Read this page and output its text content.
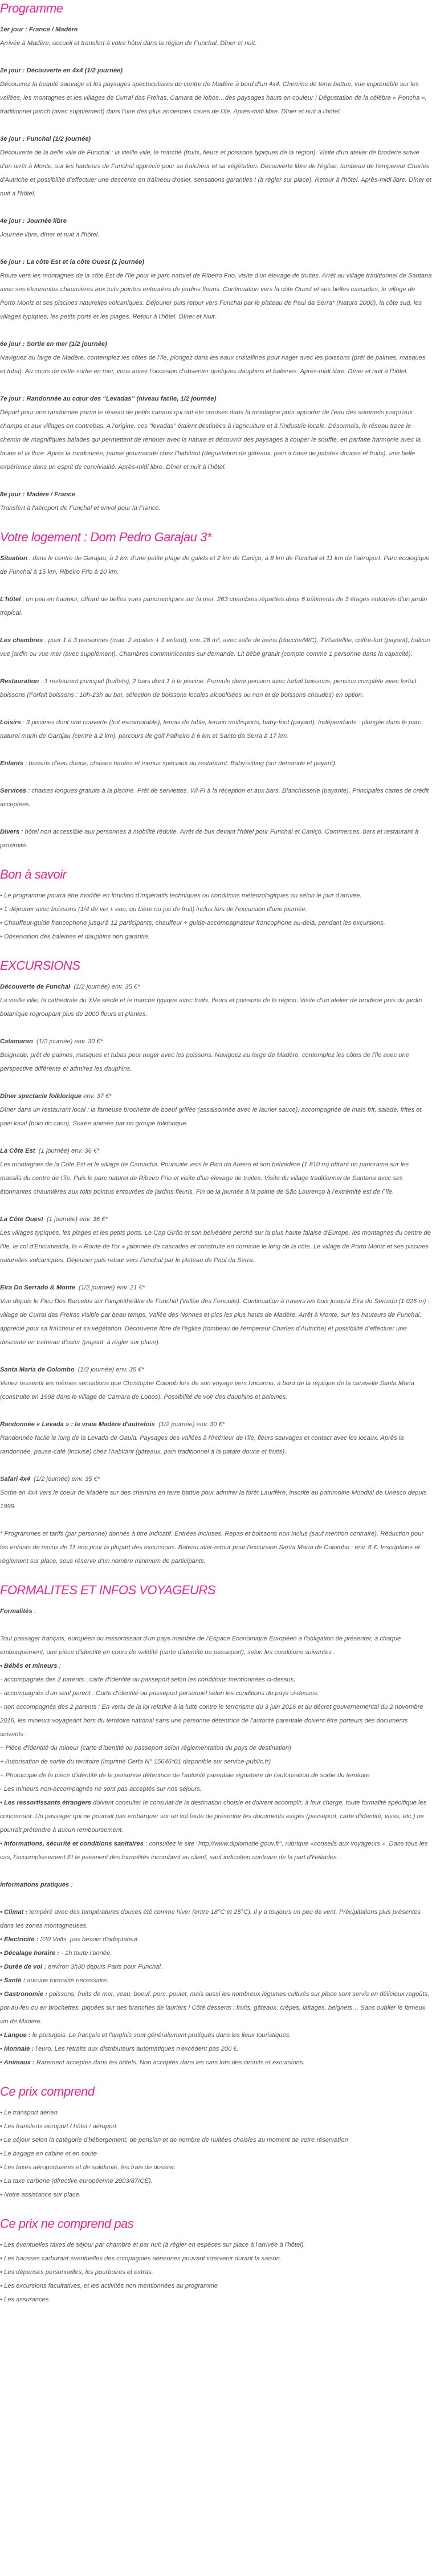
Programme

1er jour : France / Madère

Arrivée à Madère, accueil et transfert à votre hôtel dans la région de Funchal. Dîner et nuit.

2e jour : Découverte en 4x4 (1/2 journée)

Découvrez la beauté sauvage et les paysages spectaculaires du centre de Madère à bord d'un 4x4. Chemins de terre battue, vue imprenable sur les vallées, les montagnes et les villages de Curral das Freiras, Camara de lobos…des paysages hauts en couleur ! Dégustation de la célèbre « Poncha », traditionnel punch (avec supplément) dans l'une des plus anciennes caves de l'île. Après-midi libre. Dîner et nuit à l'hôtel.

3e jour : Funchal (1/2 journée)

Découverte de la belle ville de Funchal : la vieille ville, le marché (fruits, fleurs et poissons typiques de la région). Visite d'un atelier de broderie suivie d'un arrêt à Monte, sur les hauteurs de Funchal apprécié pour sa fraîcheur et sa végétation. Découverte libre de l'église, tombeau de l'empereur Charles d'Autriche et possibilité d'effectuer une descente en traîneau d'osier, sensations garanties ! (à régler sur place). Retour à l'hôtel. Après-midi libre. Dîner et nuit à l'hôtel.

4e jour : Journée libre

Journée libre, dîner et nuit à l'hôtel.

5e jour : La côte Est et la côte Ouest (1 journée)

Route vers les montagnes de la côte Est de l'île pour le parc naturel de Ribeiro Frio, visite d'un élevage de truites. Arrêt au village traditionnel de Santana avec ses étonnantes chaumières aux toits pointus entourées de jardins fleuris. Continuation vers la côte Ouest et ses belles cascades, le village de Porto Moniz et ses piscines naturelles volcaniques. Déjeuner puis retour vers Funchal par le plateau de Paul da Serra* (Natura 2000), la côte sud, les villages typiques, les petits ports et les plages. Retour à l'hôtel. Dîner et Nuit.

6e jour : Sortie en mer (1/2 journée)

Naviguez au large de Madère, contemplez les côtes de l'île, plongez dans les eaux cristallines pour nager avec les poissons (prêt de palmes, masques et tuba). Au cours de cette sortie en mer, vous aurez l'occasion d'observer quelques dauphins et baleines. Après-midi libre. Dîner et nuit à l'hôtel.

7e jour : Randonnée au cœur des “Levadas” (niveau facile, 1/2 journée)

Départ pour une randonnée parmi le réseau de petits canaux qui ont été creusés dans la montagne pour apporter de l'eau des sommets jusqu'aux champs et aux villages en contrebas. A l'origine, ces "levadas" étaient destinées à l'agriculture et à l'industrie locale. Désormais, le réseau trace le chemin de magnifiques balades qui permettent de renouer avec la nature et découvrir des paysages à couper le souffle, en parfaite harmonie avec la faune et la flore. Après la randonnée, pause gourmande chez l'habitant (dégustation de gâteaux, pain à base de patates douces et fruits), une belle expérience dans un esprit de convivialité. Après-midi libre. Dîner et nuit à l'hôtel.

8e jour : Madère / France

Transfert à l'aéroport de Funchal et envol pour la France.

Votre logement : Dom Pedro Garajau 3*

Situation : dans le centre de Garajau, à 2 km d'une petite plage de galets et 2 km de Caniço, à 8 km de Funchal et 11 km de l'aéroport. Parc écologique de Funchal à 15 km, Ribeiro Frio à 20 km.

L'hôtel : un peu en hauteur, offrant de belles vues panoramiques sur la mer. 263 chambres réparties dans 6 bâtiments de 3 étages entourés d'un jardin tropical.

Les chambres : pour 1 à 3 personnes (max. 2 adultes + 1 enfant), env. 28 m², avec salle de bains (douche/WC), TV/satellite, coffre-fort (payant), balcon vue jardin ou vue mer (avec supplément). Chambres communicantes sur demande. Lit bébé gratuit (compte comme 1 personne dans la capacité).

Restauration : 1 restaurant principal (buffets), 2 bars dont 1 à la piscine. Formule demi pension avec forfait boissons, pension complète avec forfait boissons (Forfait boissons : 10h-23h au bar, sélection de boissons locales alcoolisées ou non et de boissons chaudes) en option.

Loisirs : 3 piscines dont une couverte (toit escamotable), tennis de table, terrain multisports, baby-foot (payant). Indépendants : plongée dans le parc naturel marin de Garajau (centre à 2 km), parcours de golf Palheiro à 6 km et Santo da Serra à 17 km.

Enfants : bassins d'eau douce, chaises hautes et menus spéciaux au restaurant. Baby-sitting (sur demande et payant).

Services : chaises longues gratuits à la piscine. Prêt de serviettes. Wi-Fi à la réception et aux bars. Blanchisserie (payante). Principales cartes de crédit acceptées.

Divers : hôtel non accessible aux personnes à mobilité réduite. Arrêt de bus devant l'hôtel pour Funchal et Caniço. Commerces, bars et restaurant à proximité.

Bon à savoir

• Le programme pourra être modifié en fonction d'impératifs techniques ou conditions météorologiques ou selon le jour d'arrivée.

• 1 déjeuner avec boissons (1/4 de vin + eau, ou bière ou jus de fruit) inclus lors de l'excursion d'une journée.

• Chauffeur-guide francophone jusqu'à 12 participants, chauffeur + guide-accompagnateur francophone au-delà, pendant les excursions.

• Observation des baleines et dauphins non garantie.

EXCURSIONS

Découverte de Funchal  (1/2 journée) env. 35 €*

La vieille ville, la cathédrale du XVe siècle et le marché typique avec fruits, fleurs et poissons de la région. Visite d'un atelier de broderie puis du jardin botanique regroupant plus de 2000 fleurs et plantes.

Catamaran  (1/2 journée) env. 30 €*

Baignade, prêt de palmes, masques et tubas pour nager avec les poissons. Naviguez au large de Madère, contemplez les côtes de l'île avec une perspective différente et admirez les dauphins.

Dîner spectacle folklorique env. 37 €*

Dîner dans un restaurant local : la fameuse brochette de boeuf grillée (assaisonnée avec le laurier sauce), accompagnée de maïs frit, salade, frites et pain local (bolo do caco). Soirée animée par un groupe folklorique.

La Côte Est  (1 journée) env. 36 €*

Les montagnes de la Côte Est et le village de Camacha. Poursuite vers le Pico do Arieiro et son belvédère (1 810 m) offrant un panorama sur les massifs du centre de l'île. Puis le parc naturel de Ribeiro Frio et visite d'un élevage de truites. Visite du village traditionnel de Santana avec ses étonnantes chaumières aux toits pointus entourées de jardins fleuris. Fin de la journée à la pointe de São Lourenço à l'extrémité est de l´île.

La Côte Ouest  (1 journée) env. 36 €*

Les villages typiques, les plages et les petits ports. Le Cap Girão et son belvédère perché sur la plus haute falaise d'Europe, les montagnes du centre de l'île, le col d'Encumeada, la « Route de l'or » jalonnée de cascades et construite en corniche le long de la côte. Le village de Porto Moniz et ses piscines naturelles volcaniques. Déjeuner puis retour vers Funchal par le plateau de Paul da Serra.

Eira Do Serrado & Monte  (1/2 journée) env. 21 €*

Vue depuis le Pico Dos Barcelos sur l'amphithéâtre de Funchal (Vallée des Fenouils). Continuation à travers les bois jusqu'à Eira do Serrado (1 026 m) : village de Curral das Freiras visible par beau temps, Vallée des Nonnes et pics les plus hauts de Madère. Arrêt à Monte, sur les hauteurs de Funchal, apprécié pour sa fraîcheur et sa végétation. Découverte libre de l'église (tombeau de l'empereur Charles d'Autriche) et possibilité d'effectuer une descente en traîneau d'osier (payant, à régler sur place).

Santa Maria de Colombo  (1/2 journée) env. 35 €*

Venez ressentir les mêmes sensations que Christophe Colomb lors de son voyage vers l'inconnu, à bord de la réplique de la caravelle Santa Maria (construite en 1998 dans le village de Camara de Lobos). Possibilité de voir des dauphins et baleines.

Randonnée « Levada » : la vraie Madère d'autrefois  (1/2 journée) env. 30 €*

Randonnée facile le long de la Levada de Gaula. Paysages des vallées à l'intérieur de l'île, fleurs sauvages et contact avec les locaux. Après la randonnée, pause-café (incluse) chez l'habitant (gâteaux, pain traditionnel à la patate douce et fruits).

Safari 4x4  (1/2 journée) env. 35 €*

Sortie en 4x4 vers le coeur de Madère sur des chemins en terre battue pour admirer la forêt Laurifère, inscrite au patrimoine Mondial de Unesco depuis 1999.

* Programmes et tarifs (par personne) donnés à titre indicatif. Entrées incluses. Repas et boissons non inclus (sauf mention contraire). Réduction pour les enfants de moins de 11 ans pour la plupart des excursions. Bateau aller-retour pour l'excursion Santa Maria de Colombo : env. 6 €. Inscriptions et règlement sur place, sous réserve d'un nombre minimum de participants.

FORMALITES ET INFOS VOYAGEURS

Formalités :

Tout passager français, européen ou ressortissant d'un pays membre de l'Espace Economique Européen a l'obligation de présenter, à chaque embarquement, une pièce d'identité en cours de validité (carte d'identité ou passeport), selon les conditions suivantes :

• Bébés et mineurs :

- accompagnés des 2 parents : carte d'identité ou passeport selon les conditions mentionnées ci-dessus.

- accompagnés d'un seul parent : Carte d'identité ou passeport personnel selon les conditions du pays ci-dessus.

- non accompagnés des 2 parents : En vertu de la loi relative à la lutte contre le terrorisme du 3 juin 2016 et du décret gouvernemental du 2 novembre 2016, les mineurs voyageant hors du territoire national sans une personne détentrice de l'autorité parentale doivent être porteurs des documents suivants :

+ Pièce d'identité du mineur (carte d'identité ou passeport selon règlementation du pays de destination)

+ Autorisation de sortie du territoire (imprimé Cerfa N° 15646*01 disponible sur service-public.fr)

+ Photocopie de la pièce d'identité de la personne détentrice de l'autorité parentale signataire de l'autorisation de sortie du territoire

- Les mineurs non-accompagnés ne sont pas acceptés sur nos séjours.

• Les ressortissants étrangers doivent consulter le consulat de la destination choisie et doivent accomplir, à leur charge, toute formalité spécifique les concernant. Un passager qui ne pourrait pas embarquer sur un vol faute de présenter les documents exigés (passeport, carte d'identité, visas, etc.) ne pourrait prétendre à aucun remboursement.

• Informations, sécurité et conditions sanitaires : consultez le site "http://www.diplomatie.gouv.fr", rubrique «conseils aux voyageurs ». Dans tous les cas, l'accomplissement Et le paiement des formalités incombent au client, sauf indication contraire de la part d'Héliades. .

Informations pratiques :

• Climat : tempéré avec des températures douces été comme hiver (entre 18°C et 25°C). Il y a toujours un peu de vent. Précipitations plus présentes dans les zones montagneuses.

• Electricité : 220 Volts, pas besoin d'adaptateur.

• Décalage horaire : - 1h toute l'année.

• Durée de vol : environ 3h30 depuis Paris pour Funchal.

• Santé : aucune formalité nécessaire.

• Gastronomie : poissons, fruits de mer, veau, boeuf, porc, poulet, mais aussi les nombreux légumes cultivés sur place sont servis en délicieux ragoûts, pot-au-feu ou en brochettes, piquées sur des branches de lauriers ! Côté desserts : fruits, gâteaux, crêpes, laitages, beignets… Sans oublier le fameux vin de Madère.

• Langue : le portugais. Le français et l'anglais sont généralement pratiqués dans les lieux touristiques.

• Monnaie : l'euro. Les retraits aux distributeurs automatiques n'excèdent pas 200 €.

• Animaux : Rarement acceptés dans les hôtels. Non acceptés dans les cars lors des circuits et excursions.

Ce prix comprend

• Le transport aérien

• Les transferts aéroport / hôtel / aéroport

• Le séjour selon la catégorie d'hébergement, de pension et de nombre de nuitées choisies au moment de votre réservation

• Le bagage en cabine et en soute

• Les taxes aéroportuaires et de solidarité, les frais de dossier.

• La taxe carbone (directive européenne 2003/87/CE).

• Notre assistance sur place.

Ce prix ne comprend pas

• Les éventuelles taxes de séjour par chambre et par nuit (à régler en espèces sur place à l'arrivée à l'hôtel).

• Les hausses carburant éventuelles des compagnies aériennes pouvant intervenir durant la saison.

• Les dépenses personnelles, les pourboires et extras.

• Les excursions facultatives, et les activités non mentionnées au programme

• Les assurances.
